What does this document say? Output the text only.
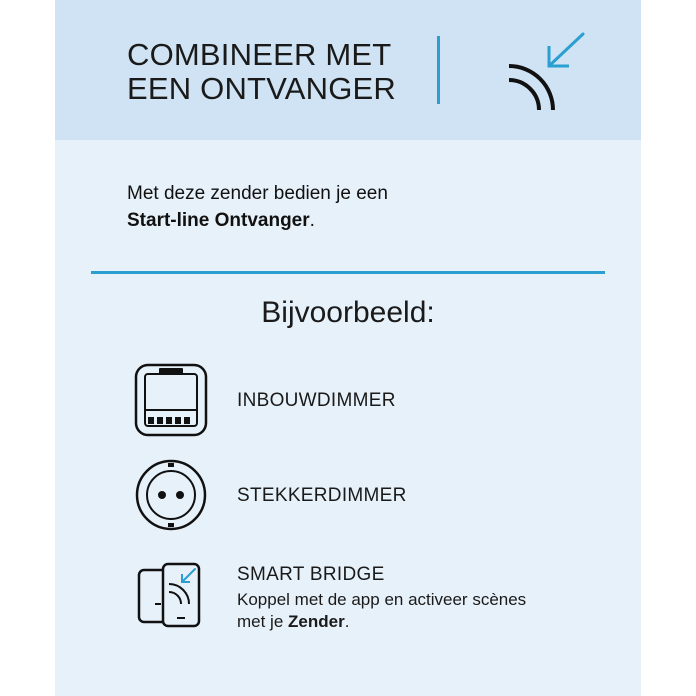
COMBINEER MET
EEN ONTVANGER
Met deze zender bedien je een
Start-line Ontvanger.
Bijvoorbeeld:
INBOUWDIMMER
STEKKERDIMMER
SMART BRIDGE
Koppel met de app en activeer scènes
met je Zender.
